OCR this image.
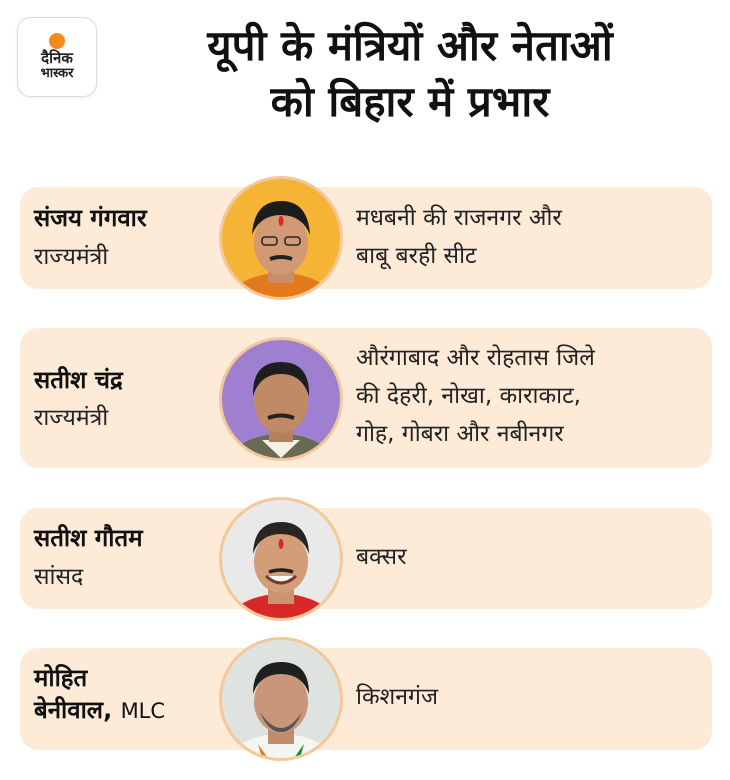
दैनिक
भास्कर
यूपी के मंत्रियों और नेताओं
को बिहार में प्रभार
संजय गंगवार
राज्यमंत्री
मधबनी की राजनगर और
बाबू बरही सीट
सतीश चंद्र
राज्यमंत्री
औरंगाबाद और रोहतास जिले
की देहरी, नोखा, काराकाट,
गोह, गोबरा और नबीनगर
सतीश गौतम
सांसद
बक्सर
मोहित
बेनीवाल, MLC
किशनगंज
